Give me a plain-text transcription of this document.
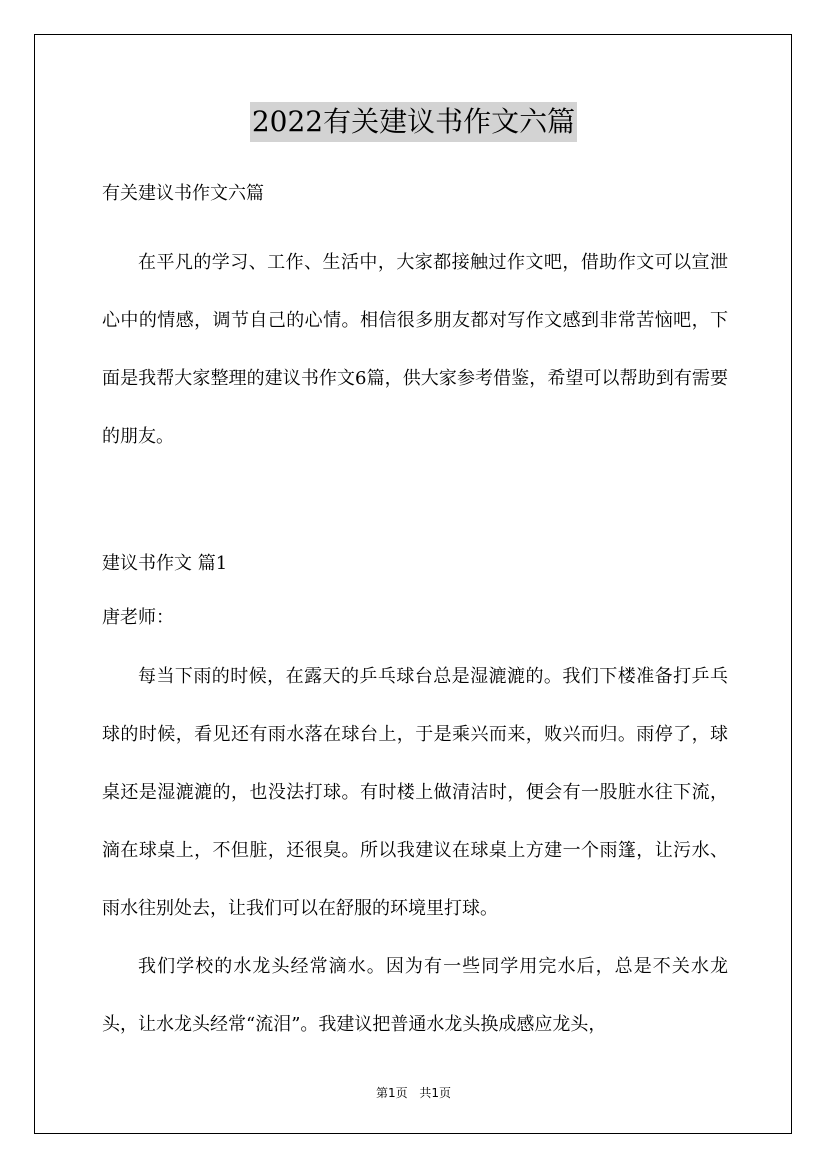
2022有关建议书作文六篇

有关建议书作文六篇

在平凡的学习、工作、生活中，大家都接触过作文吧，借助作文可以宣泄心中的情感，调节自己的心情。相信很多朋友都对写作文感到非常苦恼吧，下面是我帮大家整理的建议书作文6篇，供大家参考借鉴，希望可以帮助到有需要的朋友。

建议书作文 篇1

唐老师：

每当下雨的时候，在露天的乒乓球台总是湿漉漉的。我们下楼准备打乒乓球的时候，看见还有雨水落在球台上，于是乘兴而来，败兴而归。雨停了，球桌还是湿漉漉的，也没法打球。有时楼上做清洁时，便会有一股脏水往下流，滴在球桌上，不但脏，还很臭。所以我建议在球桌上方建一个雨篷，让污水、雨水往别处去，让我们可以在舒服的环境里打球。

我们学校的水龙头经常滴水。因为有一些同学用完水后，总是不关水龙头，让水龙头经常“流泪”。我建议把普通水龙头换成感应龙头，

第1页 共1页
